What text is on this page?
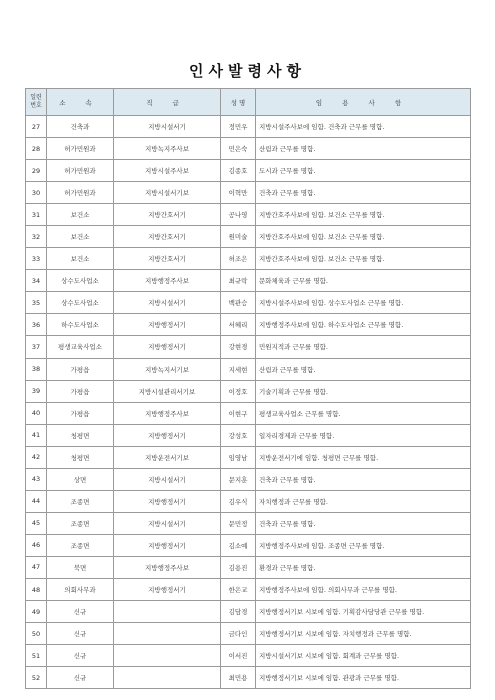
인사발령사항
일련
번호	소 속	직 급	성 명	임 용 사 항
27	건축과	지방시설서기	정민우	지방시설주사보에 임함. 건축과 근무를 명함.
28	허가민원과	지방녹지주사보	민은숙	산림과 근무를 명함.
29	허가민원과	지방시설주사보	김종호	도시과 근무를 명함.
30	허가민원과	지방시설서기보	이혁만	건축과 근무를 명함.
31	보건소	지방간호서기	공나영	지방간호주사보에 임함. 보건소 근무를 명함.
32	보건소	지방간호서기	원미술	지방간호주사보에 임함. 보건소 근무를 명함.
33	보건소	지방간호서기	허조은	지방간호주사보에 임함. 보건소 근무를 명함.
34	상수도사업소	지방행정주사보	최규락	문화체육과 근무를 명함.
35	상수도사업소	지방시설서기	백관승	지방시설주사보에 임함. 상수도사업소 근무를 명함.
36	하수도사업소	지방행정서기	서혜리	지방행정주사보에 임함. 하수도사업소 근무를 명함.
37	평생교육사업소	지방행정서기	강현경	민원지적과 근무를 명함.
38	가평읍	지방녹지서기보	지세현	산림과 근무를 명함.
39	가평읍	지방시설관리서기보	이정호	기술기획과 근무를 명함.
40	가평읍	지방행정주사보	이현구	평생교육사업소 근무를 명함.
41	청평면	지방행정서기	강성호	일자리경제과 근무를 명함.
42	청평면	지방운전서기보	임영남	지방운전서기에 임함. 청평면 근무를 명함.
43	상면	지방시설서기	문지훈	건축과 근무를 명함.
44	조종면	지방행정서기	김우식	자치행정과 근무를 명함.
45	조종면	지방시설서기	문민정	건축과 근무를 명함.
46	조종면	지방행정서기	김소예	지방행정주사보에 임함. 조종면 근무를 명함.
47	북면	지방행정주사보	김용진	환경과 근무를 명함.
48	의회사무과	지방행정서기	한은교	지방행정주사보에 임함. 의회사무과 근무를 명함.
49	신규		김담경	지방행정서기보 시보에 임함. 기획감사담당관 근무를 명함.
50	신규		금다인	지방행정서기보 시보에 임함. 자치행정과 근무를 명함.
51	신규		이서진	지방시설서기보 시보에 임함. 회계과 근무를 명함.
52	신규		최민용	지방행정서기보 시보에 임함. 관광과 근무를 명함.
